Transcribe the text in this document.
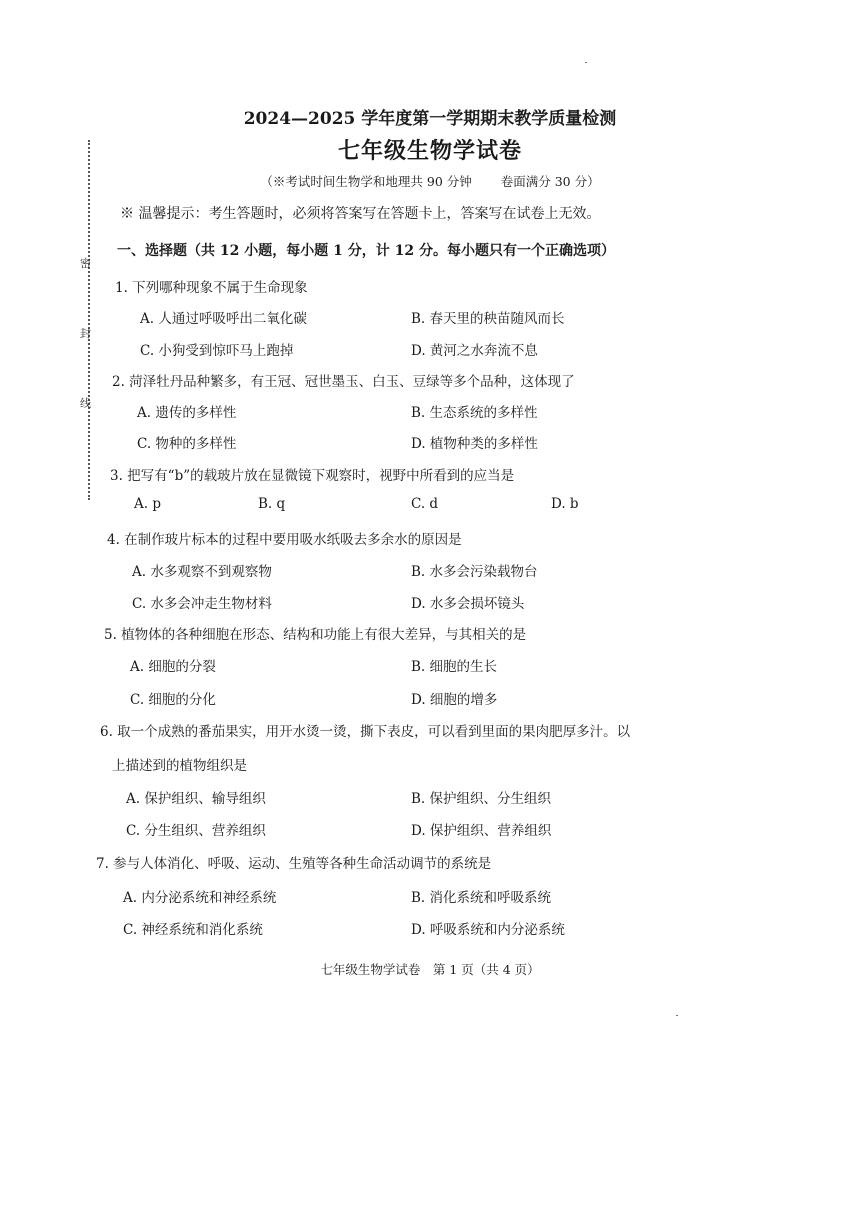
密
封
线
2024—2025 学年度第一学期期末教学质量检测
七年级生物学试卷
（※考试时间生物学和地理共 90 分钟　　 卷面满分 30 分）
※ 温馨提示：考生答题时，必须将答案写在答题卡上，答案写在试卷上无效。
一、选择题（共 12 小题，每小题 1 分，计 12 分。每小题只有一个正确选项）
1. 下列哪种现象不属于生命现象
A. 人通过呼吸呼出二氧化碳	B. 春天里的秧苗随风而长
C. 小狗受到惊吓马上跑掉	D. 黄河之水奔流不息
2. 菏泽牡丹品种繁多，有王冠、冠世墨玉、白玉、豆绿等多个品种，这体现了
A. 遗传的多样性	B. 生态系统的多样性
C. 物种的多样性	D. 植物种类的多样性
3. 把写有“b”的载玻片放在显微镜下观察时，视野中所看到的应当是
A. p	B. q	C. d	D. b
4. 在制作玻片标本的过程中要用吸水纸吸去多余水的原因是
A. 水多观察不到观察物	B. 水多会污染载物台
C. 水多会冲走生物材料	D. 水多会损坏镜头
5. 植物体的各种细胞在形态、结构和功能上有很大差异，与其相关的是
A. 细胞的分裂	B. 细胞的生长
C. 细胞的分化	D. 细胞的增多
6. 取一个成熟的番茄果实，用开水烫一烫，撕下表皮，可以看到里面的果肉肥厚多汁。以
上描述到的植物组织是
A. 保护组织、输导组织	B. 保护组织、分生组织
C. 分生组织、营养组织	D. 保护组织、营养组织
7. 参与人体消化、呼吸、运动、生殖等各种生命活动调节的系统是
A. 内分泌系统和神经系统	B. 消化系统和呼吸系统
C. 神经系统和消化系统	D. 呼吸系统和内分泌系统
七年级生物学试卷　第 1 页（共 4 页）
